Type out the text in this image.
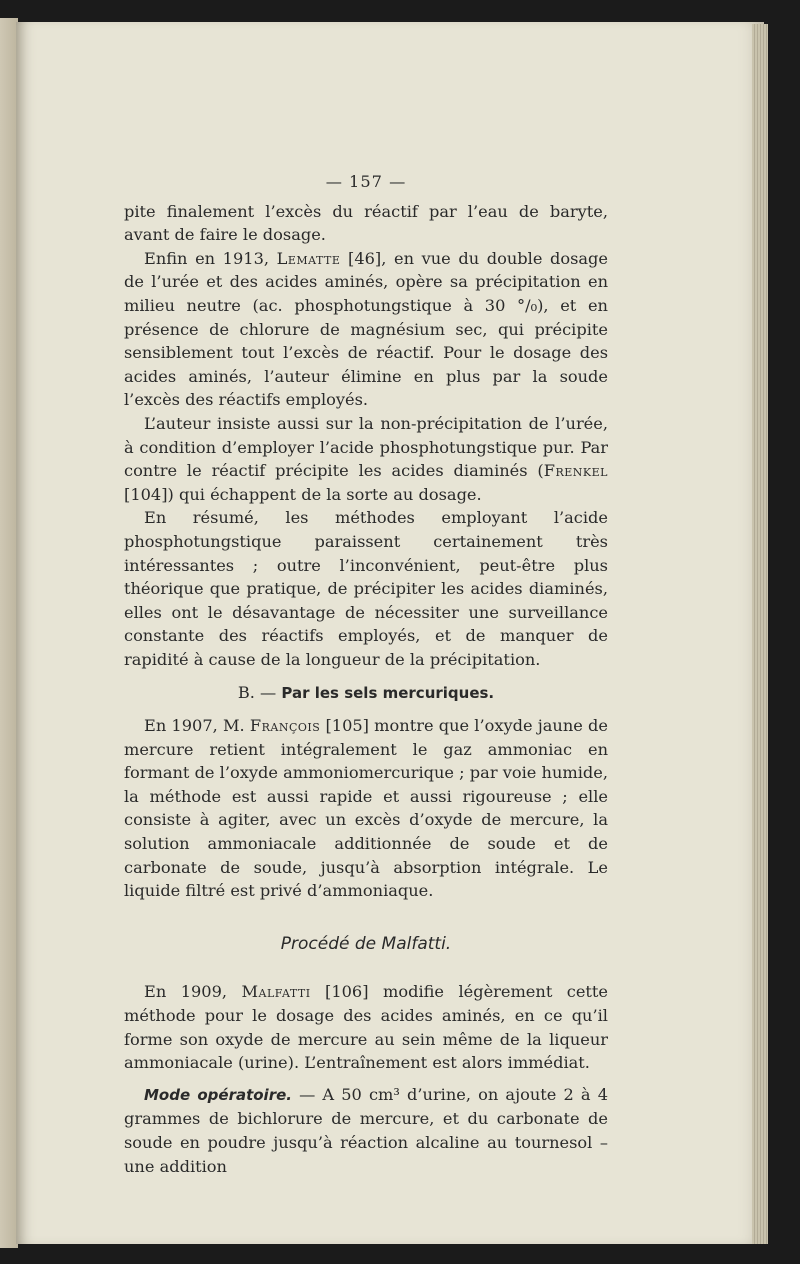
— 157 —

pite finalement l’excès du réactif par l’eau de baryte, avant de faire le dosage.

Enfin en 1913, Lematte [46], en vue du double dosage de l’urée et des acides aminés, opère sa précipitation en milieu neutre (ac. phosphotungstique à 30 °/₀), et en présence de chlorure de magnésium sec, qui précipite sensiblement tout l’excès de réactif. Pour le dosage des acides aminés, l’auteur élimine en plus par la soude l’excès des réactifs employés.

L’auteur insiste aussi sur la non-précipitation de l’urée, à condition d’employer l’acide phosphotungstique pur. Par contre le réactif précipite les acides diaminés (Frenkel [104]) qui échappent de la sorte au dosage.

En résumé, les méthodes employant l’acide phosphotungstique paraissent certainement très intéressantes ; outre l’inconvénient, peut-être plus théorique que pratique, de précipiter les acides diaminés, elles ont le désavantage de nécessiter une surveillance constante des réactifs employés, et de manquer de rapidité à cause de la longueur de la précipitation.

B. — Par les sels mercuriques.

En 1907, M. François [105] montre que l’oxyde jaune de mercure retient intégralement le gaz ammoniac en formant de l’oxyde ammoniomercurique ; par voie humide, la méthode est aussi rapide et aussi rigoureuse ; elle consiste à agiter, avec un excès d’oxyde de mercure, la solution ammoniacale additionnée de soude et de carbonate de soude, jusqu’à absorption intégrale. Le liquide filtré est privé d’ammoniaque.

Procédé de Malfatti.

En 1909, Malfatti [106] modifie légèrement cette méthode pour le dosage des acides aminés, en ce qu’il forme son oxyde de mercure au sein même de la liqueur ammoniacale (urine). L’entraînement est alors immédiat.

Mode opératoire. — A 50 cm³ d’urine, on ajoute 2 à 4 grammes de bichlorure de mercure, et du carbonate de soude en poudre jusqu’à réaction alcaline au tournesol – une addition
